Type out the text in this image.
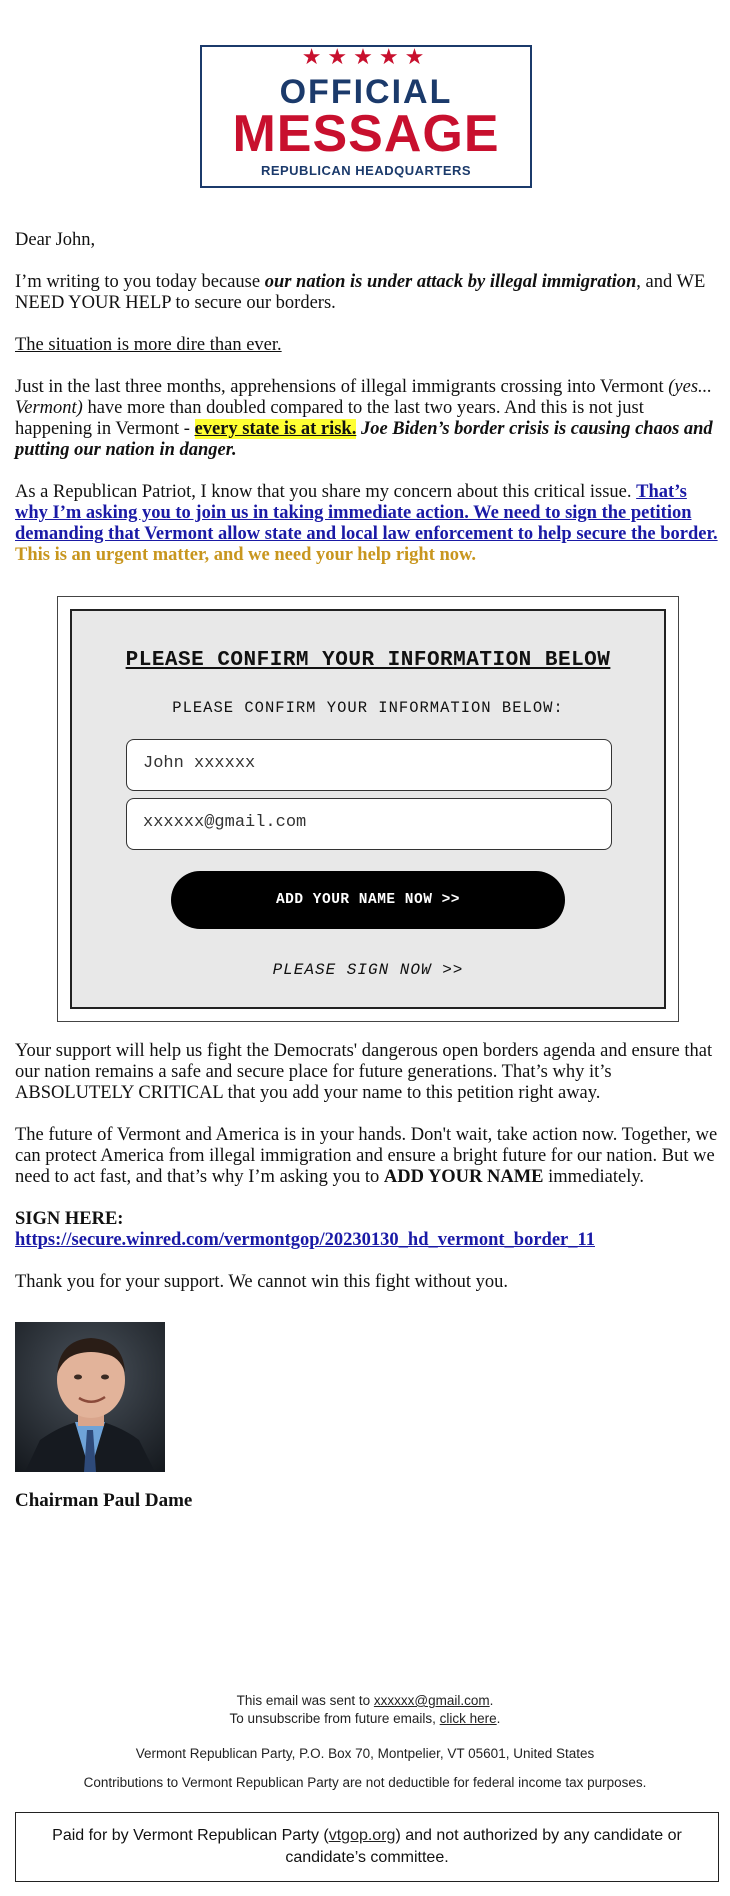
★★★★★
OFFICIAL
MESSAGE
REPUBLICAN HEADQUARTERS

Dear John,

I’m writing to you today because our nation is under attack by illegal immigration, and WE NEED YOUR HELP to secure our borders.

The situation is more dire than ever.

Just in the last three months, apprehensions of illegal immigrants crossing into Vermont (yes... Vermont) have more than doubled compared to the last two years. And this is not just happening in Vermont - every state is at risk. Joe Biden’s border crisis is causing chaos and putting our nation in danger.

As a Republican Patriot, I know that you share my concern about this critical issue. That’s why I’m asking you to join us in taking immediate action. We need to sign the petition demanding that Vermont allow state and local law enforcement to help secure the border. This is an urgent matter, and we need your help right now.

PLEASE CONFIRM YOUR INFORMATION BELOW
PLEASE CONFIRM YOUR INFORMATION BELOW:
John xxxxxx
xxxxxx@gmail.com
ADD YOUR NAME NOW >>
PLEASE SIGN NOW >>

Your support will help us fight the Democrats' dangerous open borders agenda and ensure that our nation remains a safe and secure place for future generations. That’s why it’s ABSOLUTELY CRITICAL that you add your name to this petition right away.

The future of Vermont and America is in your hands. Don't wait, take action now. Together, we can protect America from illegal immigration and ensure a bright future for our nation. But we need to act fast, and that’s why I’m asking you to ADD YOUR NAME immediately.

SIGN HERE:
https://secure.winred.com/vermontgop/20230130_hd_vermont_border_11

Thank you for your support. We cannot win this fight without you.

Chairman Paul Dame
This email was sent to xxxxxx@gmail.com.
To unsubscribe from future emails, click here.
Vermont Republican Party, P.O. Box 70, Montpelier, VT 05601, United States
Contributions to Vermont Republican Party are not deductible for federal income tax purposes.
Paid for by Vermont Republican Party (vtgop.org) and not authorized by any candidate or candidate’s committee.
